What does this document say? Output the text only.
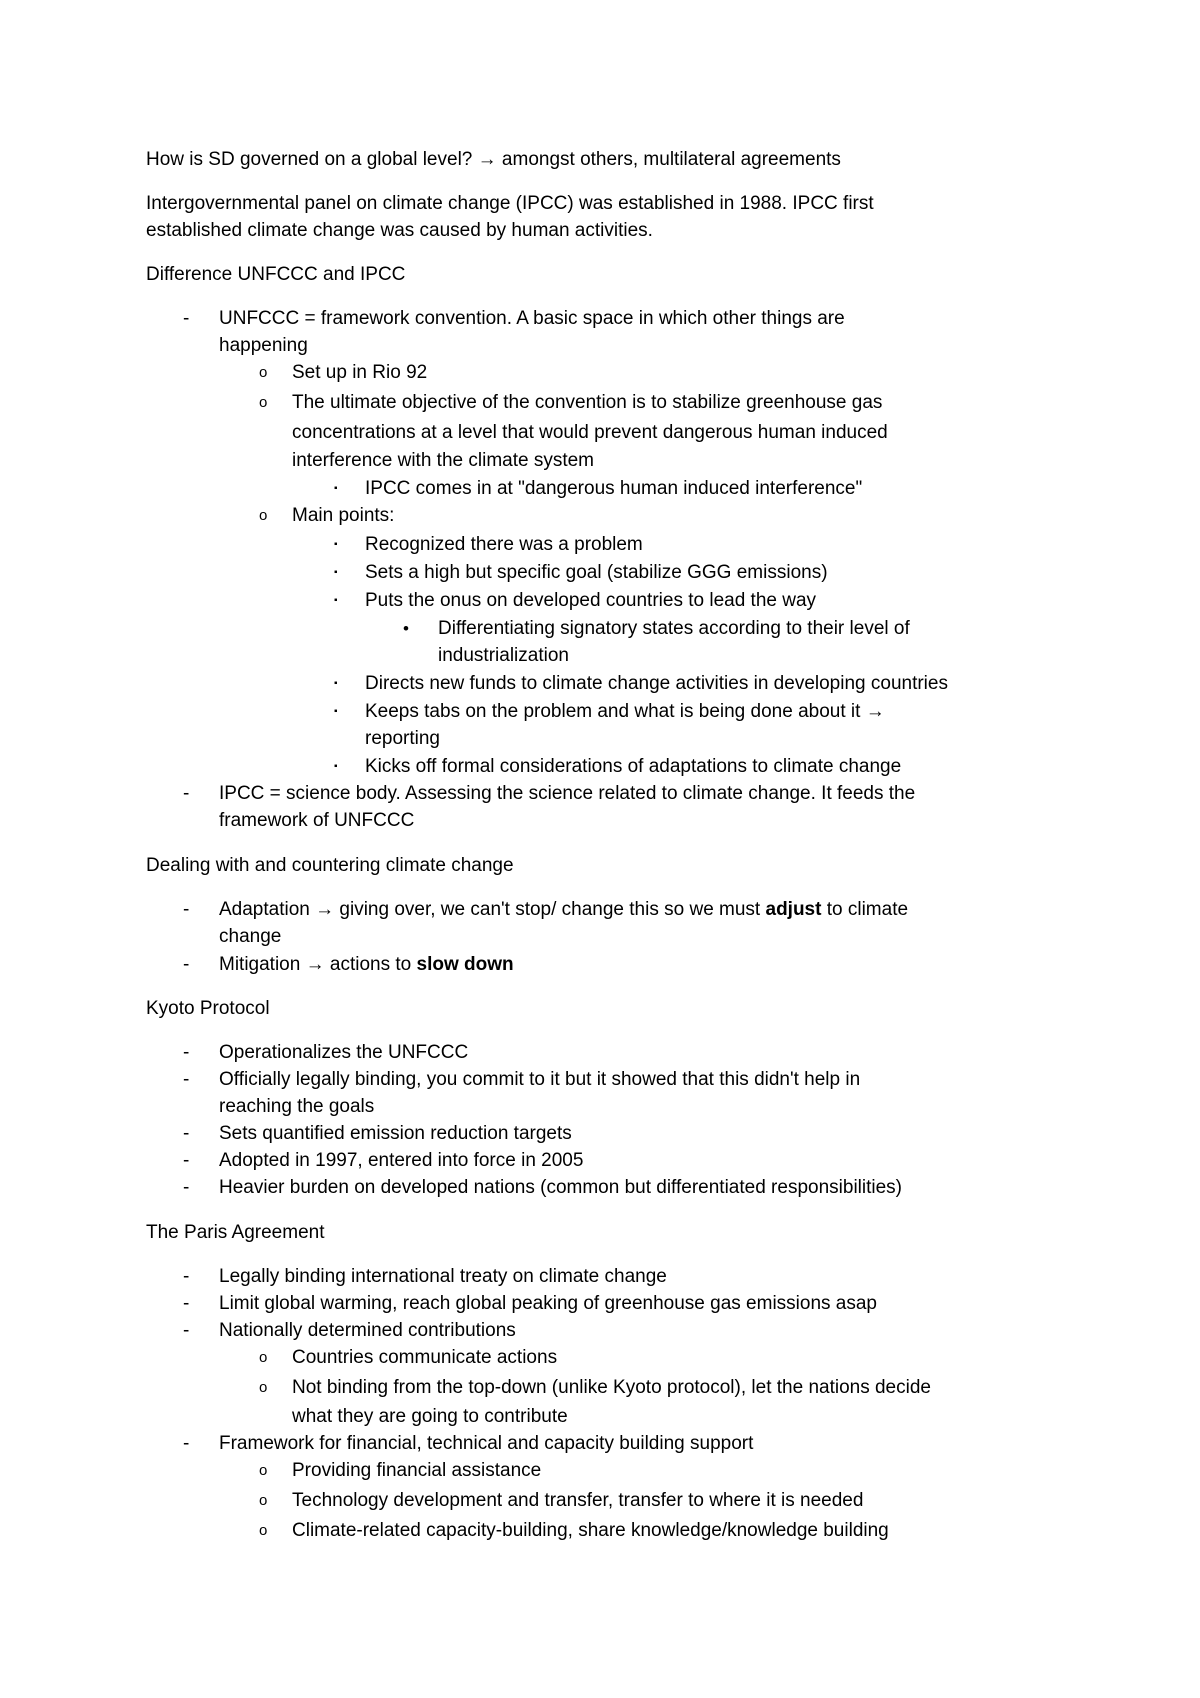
How is SD governed on a global level? → amongst others, multilateral agreements
Intergovernmental panel on climate change (IPCC) was established in 1988. IPCC first
established climate change was caused by human activities.
Difference UNFCCC and IPCC
- UNFCCC = framework convention. A basic space in which other things are
happening
o Set up in Rio 92
o The ultimate objective of the convention is to stabilize greenhouse gas
concentrations at a level that would prevent dangerous human induced
interference with the climate system
▪ IPCC comes in at "dangerous human induced interference"
o Main points:
▪ Recognized there was a problem
▪ Sets a high but specific goal (stabilize GGG emissions)
▪ Puts the onus on developed countries to lead the way
• Differentiating signatory states according to their level of
industrialization
▪ Directs new funds to climate change activities in developing countries
▪ Keeps tabs on the problem and what is being done about it →
reporting
▪ Kicks off formal considerations of adaptations to climate change
- IPCC = science body. Assessing the science related to climate change. It feeds the
framework of UNFCCC
Dealing with and countering climate change
- Adaptation → giving over, we can't stop/ change this so we must adjust to climate
change
- Mitigation → actions to slow down
Kyoto Protocol
- Operationalizes the UNFCCC
- Officially legally binding, you commit to it but it showed that this didn't help in
reaching the goals
- Sets quantified emission reduction targets
- Adopted in 1997, entered into force in 2005
- Heavier burden on developed nations (common but differentiated responsibilities)
The Paris Agreement
- Legally binding international treaty on climate change
- Limit global warming, reach global peaking of greenhouse gas emissions asap
- Nationally determined contributions
o Countries communicate actions
o Not binding from the top-down (unlike Kyoto protocol), let the nations decide
what they are going to contribute
- Framework for financial, technical and capacity building support
o Providing financial assistance
o Technology development and transfer, transfer to where it is needed
o Climate-related capacity-building, share knowledge/knowledge building
